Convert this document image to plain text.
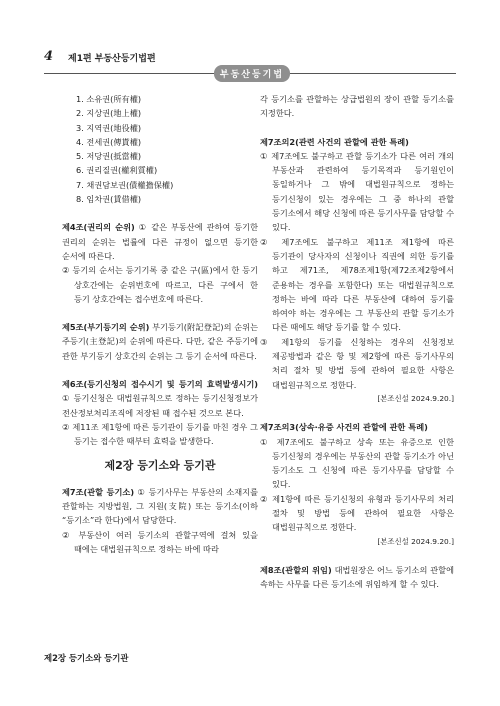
4 제1편 부동산등기법편
부동산등기법
1. 소유권(所有權)
2. 지상권(地上權)
3. 지역권(地役權)
4. 전세권(傳貰權)
5. 저당권(抵當權)
6. 권리질권(權利質權)
7. 채권담보권(債權擔保權)
8. 임차권(賃借權)
제4조(권리의 순위) ① 같은 부동산에 관하여 등기한 권리의 순위는 법률에 다른 규정이 없으면 등기한 순서에 따른다.
② 등기의 순서는 등기기록 중 같은 구(區)에서 한 등기 상호간에는 순위번호에 따르고, 다른 구에서 한 등기 상호간에는 접수번호에 따른다.
제5조(부기등기의 순위) 부기등기(附記登記)의 순위는 주등기(主登記)의 순위에 따른다. 다만, 같은 주등기에 관한 부기등기 상호간의 순위는 그 등기 순서에 따른다.
제6조(등기신청의 접수시기 및 등기의 효력발생시기) ① 등기신청은 대법원규칙으로 정하는 등기신청정보가 전산정보처리조직에 저장된 때 접수된 것으로 본다.
② 제11조 제1항에 따른 등기관이 등기를 마친 경우 그 등기는 접수한 때부터 효력을 발생한다.
제2장 등기소와 등기관
제7조(관할 등기소) ① 등기사무는 부동산의 소재지를 관할하는 지방법원, 그 지원(支院) 또는 등기소(이하 “등기소”라 한다)에서 담당한다.
② 부동산이 여러 등기소의 관할구역에 걸쳐 있을 때에는 대법원규칙으로 정하는 바에 따라
각 등기소를 관할하는 상급법원의 장이 관할 등기소를 지정한다.
제7조의2(관련 사건의 관할에 관한 특례)
① 제7조에도 불구하고 관할 등기소가 다른 여러 개의 부동산과 관련하여 등기목적과 등기원인이 동일하거나 그 밖에 대법원규칙으로 정하는 등기신청이 있는 경우에는 그 중 하나의 관할 등기소에서 해당 신청에 따른 등기사무를 담당할 수 있다.
② 제7조에도 불구하고 제11조 제1항에 따른 등기관이 당사자의 신청이나 직권에 의한 등기를 하고 제71조, 제78조제1항(제72조제2항에서 준용하는 경우를 포함한다) 또는 대법원규칙으로 정하는 바에 따라 다른 부동산에 대하여 등기를 하여야 하는 경우에는 그 부동산의 관할 등기소가 다른 때에도 해당 등기를 할 수 있다.
③ 제1항의 등기를 신청하는 경우의 신청정보 제공방법과 같은 항 및 제2항에 따른 등기사무의 처리 절차 및 방법 등에 관하여 필요한 사항은 대법원규칙으로 정한다.
[본조신설 2024.9.20.]
제7조의3(상속·유증 사건의 관할에 관한 특례)
① 제7조에도 불구하고 상속 또는 유증으로 인한 등기신청의 경우에는 부동산의 관할 등기소가 아닌 등기소도 그 신청에 따른 등기사무를 담당할 수 있다.
② 제1항에 따른 등기신청의 유형과 등기사무의 처리 절차 및 방법 등에 관하여 필요한 사항은 대법원규칙으로 정한다.
[본조신설 2024.9.20.]
제8조(관할의 위임) 대법원장은 어느 등기소의 관할에 속하는 사무를 다른 등기소에 위임하게 할 수 있다.
제2장 등기소와 등기관
